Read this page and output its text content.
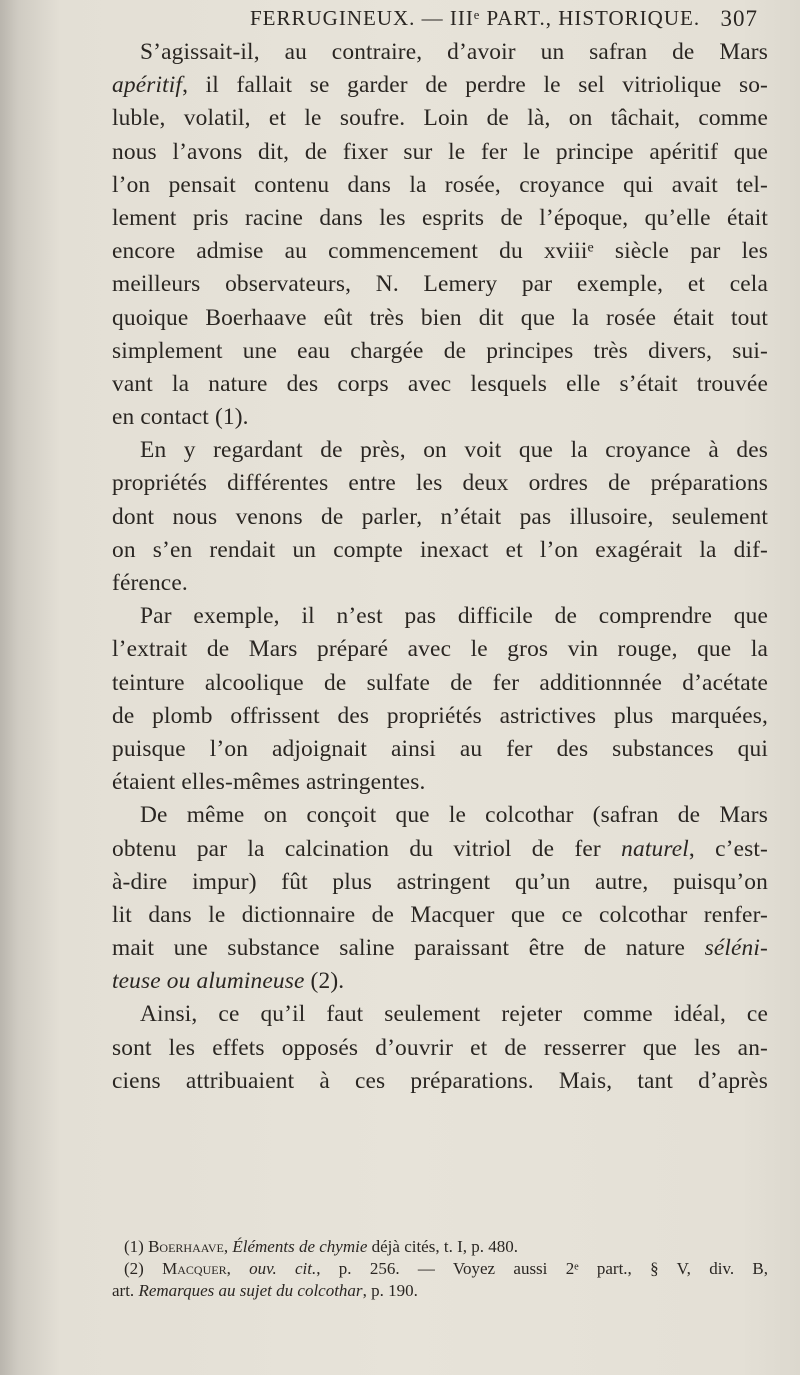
FERRUGINEUX. — IIIᵉ PART., HISTORIQUE. 307
S’agissait-il, au contraire, d’avoir un safran de Mars
apéritif, il fallait se garder de perdre le sel vitriolique so-
luble, volatil, et le soufre. Loin de là, on tâchait, comme
nous l’avons dit, de fixer sur le fer le principe apéritif que
l’on pensait contenu dans la rosée, croyance qui avait tel-
lement pris racine dans les esprits de l’époque, qu’elle était
encore admise au commencement du xviiiᵉ siècle par les
meilleurs observateurs, N. Lemery par exemple, et cela
quoique Boerhaave eût très bien dit que la rosée était tout
simplement une eau chargée de principes très divers, sui-
vant la nature des corps avec lesquels elle s’était trouvée
en contact (1).
En y regardant de près, on voit que la croyance à des
propriétés différentes entre les deux ordres de préparations
dont nous venons de parler, n’était pas illusoire, seulement
on s’en rendait un compte inexact et l’on exagérait la dif-
férence.
Par exemple, il n’est pas difficile de comprendre que
l’extrait de Mars préparé avec le gros vin rouge, que la
teinture alcoolique de sulfate de fer additionnnée d’acétate
de plomb offrissent des propriétés astrictives plus marquées,
puisque l’on adjoignait ainsi au fer des substances qui
étaient elles-mêmes astringentes.
De même on conçoit que le colcothar (safran de Mars
obtenu par la calcination du vitriol de fer naturel, c’est-
à-dire impur) fût plus astringent qu’un autre, puisqu’on
lit dans le dictionnaire de Macquer que ce colcothar renfer-
mait une substance saline paraissant être de nature séléni-
teuse ou alumineuse (2).
Ainsi, ce qu’il faut seulement rejeter comme idéal, ce
sont les effets opposés d’ouvrir et de resserrer que les an-
ciens attribuaient à ces préparations. Mais, tant d’après
(1) Boerhaave, Éléments de chymie déjà cités, t. I, p. 480.
(2) Macquer, ouv. cit., p. 256. — Voyez aussi 2ᵉ part., § V, div. B,
art. Remarques au sujet du colcothar, p. 190.
